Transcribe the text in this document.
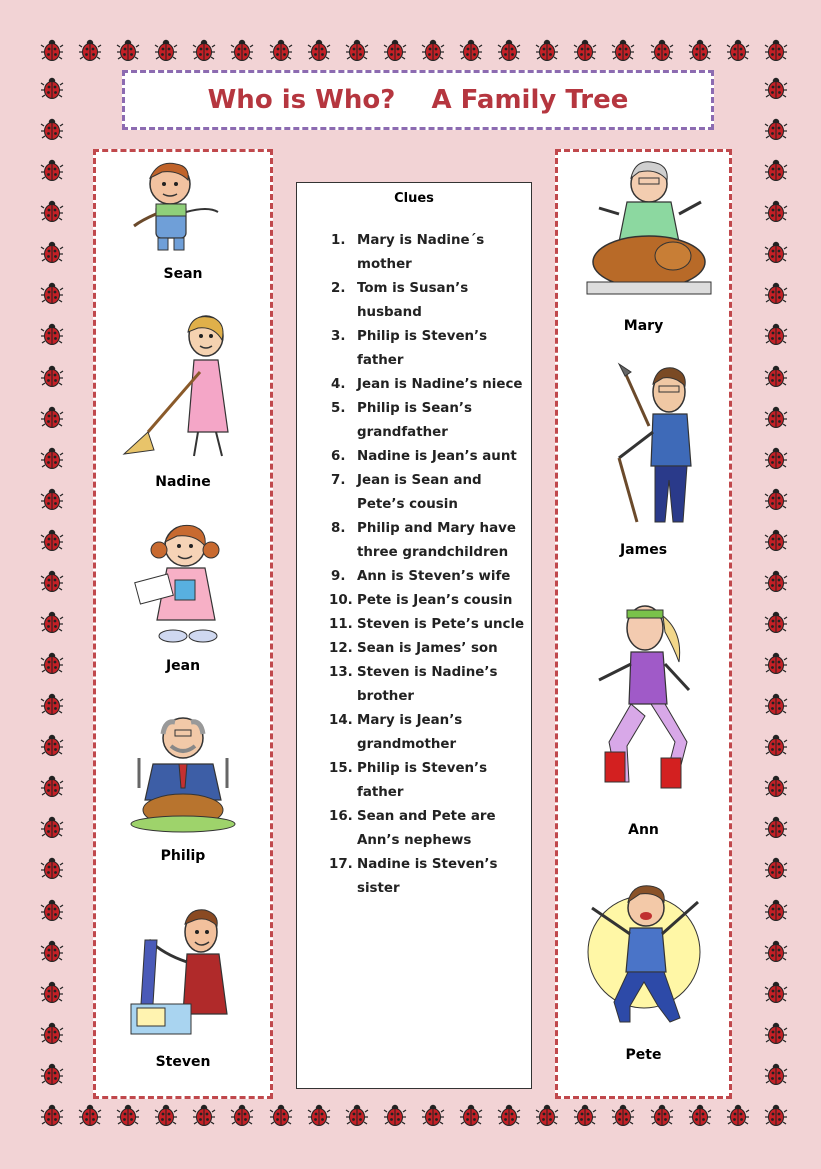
Who is Who?    A Family Tree
Sean
Nadine
Jean
Philip
Steven
Clues
1. Mary is Nadine´s mother
2. Tom is Susan’s husband
3. Philip is Steven’s father
4. Jean is Nadine’s niece
5. Philip is Sean’s grandfather
6. Nadine is Jean’s aunt
7. Jean is Sean and Pete’s cousin
8. Philip and Mary have three grandchildren
9. Ann is Steven’s wife
10. Pete is Jean’s cousin
11. Steven is Pete’s uncle
12. Sean is James’ son
13. Steven is Nadine’s brother
14. Mary is Jean’s grandmother
15. Philip is Steven’s father
16. Sean and Pete are Ann’s nephews
17. Nadine is Steven’s sister
Mary
James
Ann
Pete
